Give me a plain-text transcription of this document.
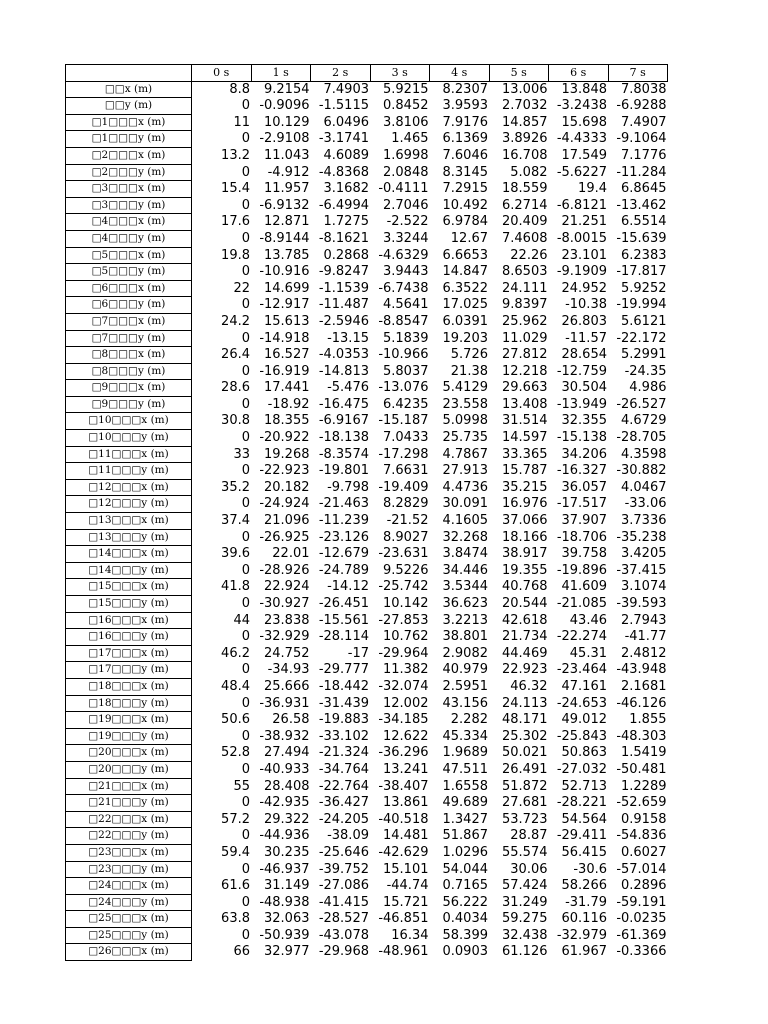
	0 s	1 s	2 s	3 s	4 s	5 s	6 s	7 s
□□x (m)	8.8	9.2154	7.4903	5.9215	8.2307	13.006	13.848	7.8038
□□y (m)	0	-0.9096	-1.5115	0.8452	3.9593	2.7032	-3.2438	-6.9288
□1□□□x (m)	11	10.129	6.0496	3.8106	7.9176	14.857	15.698	7.4907
□1□□□y (m)	0	-2.9108	-3.1741	1.465	6.1369	3.8926	-4.4333	-9.1064
□2□□□x (m)	13.2	11.043	4.6089	1.6998	7.6046	16.708	17.549	7.1776
□2□□□y (m)	0	-4.912	-4.8368	2.0848	8.3145	5.082	-5.6227	-11.284
□3□□□x (m)	15.4	11.957	3.1682	-0.4111	7.2915	18.559	19.4	6.8645
□3□□□y (m)	0	-6.9132	-6.4994	2.7046	10.492	6.2714	-6.8121	-13.462
□4□□□x (m)	17.6	12.871	1.7275	-2.522	6.9784	20.409	21.251	6.5514
□4□□□y (m)	0	-8.9144	-8.1621	3.3244	12.67	7.4608	-8.0015	-15.639
□5□□□x (m)	19.8	13.785	0.2868	-4.6329	6.6653	22.26	23.101	6.2383
□5□□□y (m)	0	-10.916	-9.8247	3.9443	14.847	8.6503	-9.1909	-17.817
□6□□□x (m)	22	14.699	-1.1539	-6.7438	6.3522	24.111	24.952	5.9252
□6□□□y (m)	0	-12.917	-11.487	4.5641	17.025	9.8397	-10.38	-19.994
□7□□□x (m)	24.2	15.613	-2.5946	-8.8547	6.0391	25.962	26.803	5.6121
□7□□□y (m)	0	-14.918	-13.15	5.1839	19.203	11.029	-11.57	-22.172
□8□□□x (m)	26.4	16.527	-4.0353	-10.966	5.726	27.812	28.654	5.2991
□8□□□y (m)	0	-16.919	-14.813	5.8037	21.38	12.218	-12.759	-24.35
□9□□□x (m)	28.6	17.441	-5.476	-13.076	5.4129	29.663	30.504	4.986
□9□□□y (m)	0	-18.92	-16.475	6.4235	23.558	13.408	-13.949	-26.527
□10□□□x (m)	30.8	18.355	-6.9167	-15.187	5.0998	31.514	32.355	4.6729
□10□□□y (m)	0	-20.922	-18.138	7.0433	25.735	14.597	-15.138	-28.705
□11□□□x (m)	33	19.268	-8.3574	-17.298	4.7867	33.365	34.206	4.3598
□11□□□y (m)	0	-22.923	-19.801	7.6631	27.913	15.787	-16.327	-30.882
□12□□□x (m)	35.2	20.182	-9.798	-19.409	4.4736	35.215	36.057	4.0467
□12□□□y (m)	0	-24.924	-21.463	8.2829	30.091	16.976	-17.517	-33.06
□13□□□x (m)	37.4	21.096	-11.239	-21.52	4.1605	37.066	37.907	3.7336
□13□□□y (m)	0	-26.925	-23.126	8.9027	32.268	18.166	-18.706	-35.238
□14□□□x (m)	39.6	22.01	-12.679	-23.631	3.8474	38.917	39.758	3.4205
□14□□□y (m)	0	-28.926	-24.789	9.5226	34.446	19.355	-19.896	-37.415
□15□□□x (m)	41.8	22.924	-14.12	-25.742	3.5344	40.768	41.609	3.1074
□15□□□y (m)	0	-30.927	-26.451	10.142	36.623	20.544	-21.085	-39.593
□16□□□x (m)	44	23.838	-15.561	-27.853	3.2213	42.618	43.46	2.7943
□16□□□y (m)	0	-32.929	-28.114	10.762	38.801	21.734	-22.274	-41.77
□17□□□x (m)	46.2	24.752	-17	-29.964	2.9082	44.469	45.31	2.4812
□17□□□y (m)	0	-34.93	-29.777	11.382	40.979	22.923	-23.464	-43.948
□18□□□x (m)	48.4	25.666	-18.442	-32.074	2.5951	46.32	47.161	2.1681
□18□□□y (m)	0	-36.931	-31.439	12.002	43.156	24.113	-24.653	-46.126
□19□□□x (m)	50.6	26.58	-19.883	-34.185	2.282	48.171	49.012	1.855
□19□□□y (m)	0	-38.932	-33.102	12.622	45.334	25.302	-25.843	-48.303
□20□□□x (m)	52.8	27.494	-21.324	-36.296	1.9689	50.021	50.863	1.5419
□20□□□y (m)	0	-40.933	-34.764	13.241	47.511	26.491	-27.032	-50.481
□21□□□x (m)	55	28.408	-22.764	-38.407	1.6558	51.872	52.713	1.2289
□21□□□y (m)	0	-42.935	-36.427	13.861	49.689	27.681	-28.221	-52.659
□22□□□x (m)	57.2	29.322	-24.205	-40.518	1.3427	53.723	54.564	0.9158
□22□□□y (m)	0	-44.936	-38.09	14.481	51.867	28.87	-29.411	-54.836
□23□□□x (m)	59.4	30.235	-25.646	-42.629	1.0296	55.574	56.415	0.6027
□23□□□y (m)	0	-46.937	-39.752	15.101	54.044	30.06	-30.6	-57.014
□24□□□x (m)	61.6	31.149	-27.086	-44.74	0.7165	57.424	58.266	0.2896
□24□□□y (m)	0	-48.938	-41.415	15.721	56.222	31.249	-31.79	-59.191
□25□□□x (m)	63.8	32.063	-28.527	-46.851	0.4034	59.275	60.116	-0.0235
□25□□□y (m)	0	-50.939	-43.078	16.34	58.399	32.438	-32.979	-61.369
□26□□□x (m)	66	32.977	-29.968	-48.961	0.0903	61.126	61.967	-0.3366
